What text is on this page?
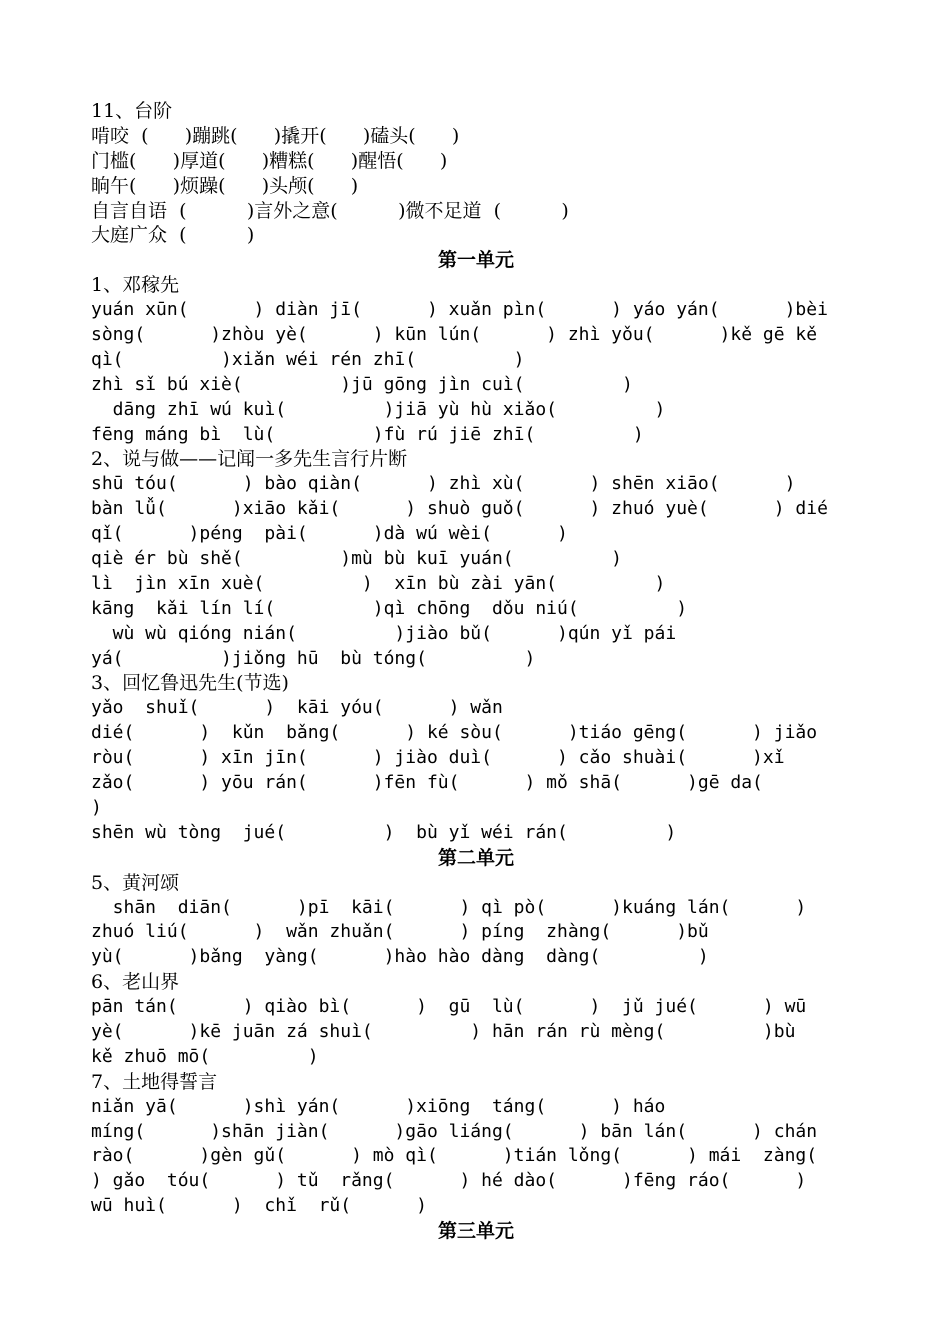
11、台阶
啃咬  (      )蹦跳(      )撬开(      )磕头(      )
门槛(      )厚道(      )糟糕(      )醒悟(      )
晌午(      )烦躁(      )头颅(      )
自言自语  (          )言外之意(          )微不足道  (          )
大庭广众  (          )
第一单元
1、邓稼先
yuán xūn(      ) diàn jī(      ) xuǎn pìn(      ) yáo yán(      )bèi
sòng(      )zhòu yè(      ) kūn lún(      ) zhì yǒu(      )kě gē kě
qì(         )xiǎn wéi rén zhī(         )
zhì sǐ bú xiè(         )jū gōng jìn cuì(         )
dāng zhī wú kuì(         )jiā yù hù xiǎo(         )
fēng máng bì  lù(         )fù rú jiē zhī(         )
2、说与做——记闻一多先生言行片断
shū tóu(      ) bào qiàn(      ) zhì xù(      ) shēn xiāo(      )
bàn lǚ(      )xiāo kǎi(      ) shuò guǒ(      ) zhuó yuè(      ) dié
qǐ(      )péng  pài(      )dà wú wèi(      )
qiè ér bù shě(         )mù bù kuī yuán(         )
lì  jìn xīn xuè(         )  xīn bù zài yān(         )
kāng  kǎi lín lí(         )qì chōng  dǒu niú(         )
wù wù qióng nián(         )jiào bǔ(      )qún yǐ pái
yá(         )jiǒng hū  bù tóng(         )
3、回忆鲁迅先生(节选)
yǎo  shuǐ(      )  kāi yóu(      ) wǎn
dié(      )  kǔn  bǎng(      ) ké sòu(      )tiáo gēng(      ) jiǎo
ròu(      ) xīn jīn(      ) jiào duì(      ) cǎo shuài(      )xǐ
zǎo(      ) yōu rán(      )fēn fù(      ) mǒ shā(      )gē da(
)
shēn wù tòng  jué(         )  bù yǐ wéi rán(         )
第二单元
5、黄河颂
shān  diān(      )pī  kāi(      ) qì pò(      )kuáng lán(      )
zhuó liú(      )  wǎn zhuǎn(      ) píng  zhàng(      )bǔ
yù(      )bǎng  yàng(      )hào hào dàng  dàng(         )
6、老山界
pān tán(      ) qiào bì(      )  gū  lù(      )  jǔ jué(      ) wū
yè(      )kē juān zá shuì(         ) hān rán rù mèng(         )bù
kě zhuō mō(         )
7、土地得誓言
niǎn yā(      )shì yán(      )xiōng  táng(      ) háo
míng(      )shān jiàn(      )gāo liáng(      ) bān lán(      ) chán
rào(      )gèn gǔ(      ) mò qì(      )tián lǒng(      ) mái  zàng(
) gǎo  tóu(      ) tǔ  rǎng(      ) hé dào(      )fēng ráo(      )
wū huì(      )  chǐ  rǔ(      )
第三单元
